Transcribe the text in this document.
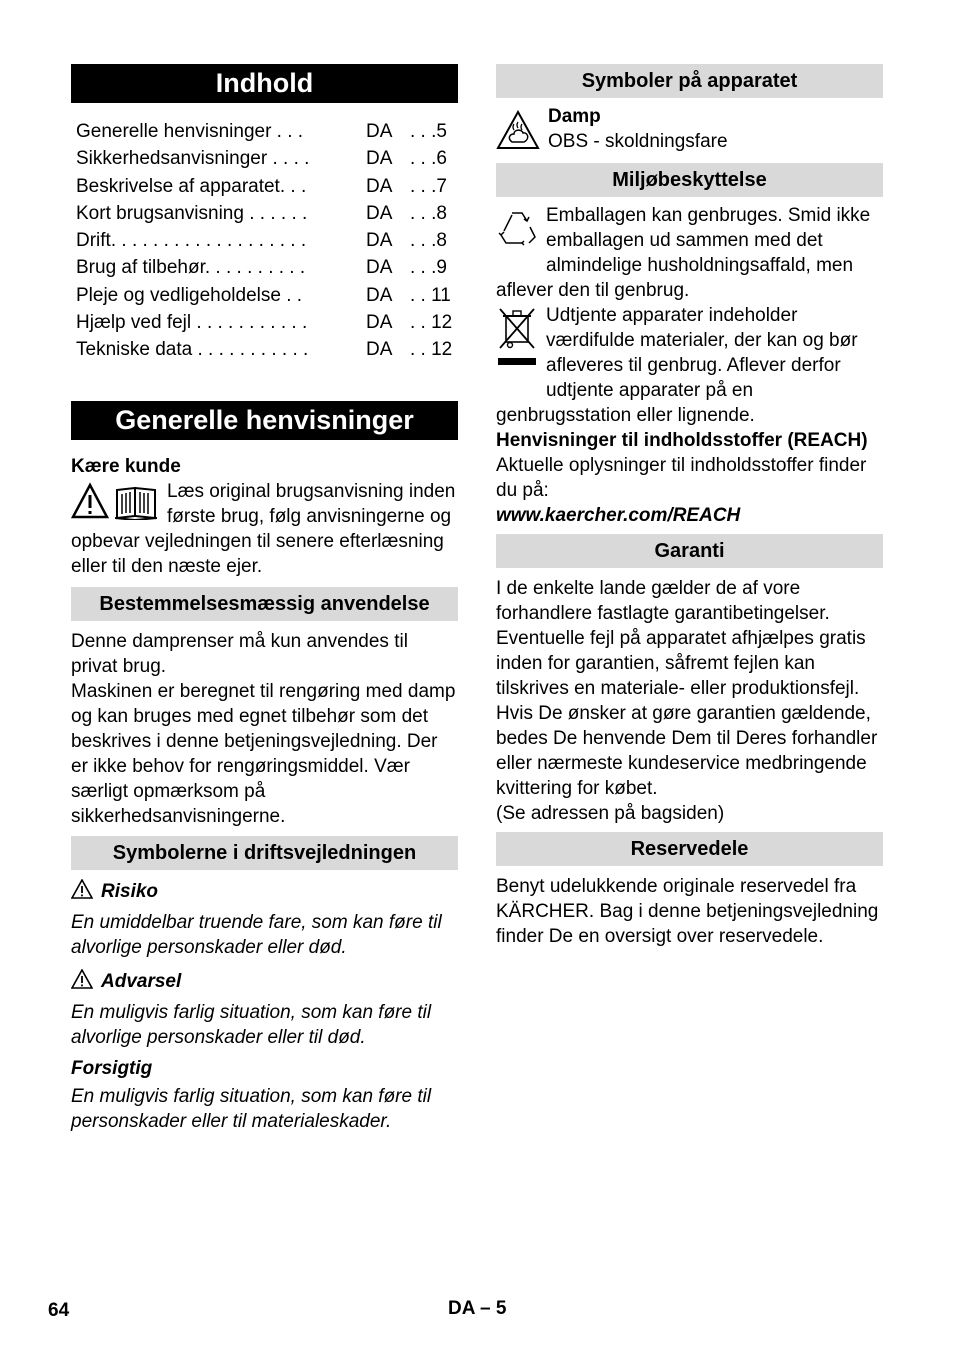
Indhold
Generelle henvisninger . . .	DA . . .5
Sikkerhedsanvisninger . . . .	DA . . .6
Beskrivelse af apparatet. . .	DA . . .7
Kort brugsanvisning . . . . . .	DA . . .8
Drift. . . . . . . . . . . . . . . . . . .	DA . . .8
Brug af tilbehør. . . . . . . . . .	DA . . .9
Pleje og vedligeholdelse . .	DA . . 11
Hjælp ved fejl . . . . . . . . . . .	DA . . 12
Tekniske data . . . . . . . . . . .	DA . . 12
Generelle henvisninger

Kære kunde

Læs original brugsanvisning inden første brug, følg anvisningerne og opbevar vejledningen til senere efterlæsning eller til den næste ejer.

Bestemmelsesmæssig anvendelse

Denne damprenser må kun anvendes til privat brug.

Maskinen er beregnet til rengøring med damp og kan bruges med egnet tilbehør som det beskrives i denne betjeningsvejledning. Der er ikke behov for rengøringsmiddel. Vær særligt opmærksom på sikkerhedsanvisningerne.

Symbolerne i driftsvejledningen

Risiko

En umiddelbar truende fare, som kan føre til alvorlige personskader eller død.

Advarsel

En muligvis farlig situation, som kan føre til alvorlige personskader eller til død.

Forsigtig

En muligvis farlig situation, som kan føre til personskader eller til materialeskader.

Symboler på apparatet

Damp

OBS - skoldningsfare

Miljøbeskyttelse

Emballagen kan genbruges. Smid ikke emballagen ud sammen med det almindelige husholdningsaffald, men aflever den til genbrug.

Udtjente apparater indeholder værdifulde materialer, der kan og bør afleveres til genbrug. Aflever derfor udtjente apparater på en genbrugsstation eller lignende.

Henvisninger til indholdsstoffer (REACH)

Aktuelle oplysninger til indholdsstoffer finder du på:

www.kaercher.com/REACH

Garanti

I de enkelte lande gælder de af vore forhandlere fastlagte garantibetingelser. Eventuelle fejl på apparatet afhjælpes gratis inden for garantien, såfremt fejlen kan tilskrives en materiale- eller produktionsfejl. Hvis De ønsker at gøre garantien gældende, bedes De henvende Dem til Deres forhandler eller nærmeste kundeservice medbringende kvittering for købet.

(Se adressen på bagsiden)

Reservedele

Benyt udelukkende originale reservedel fra KÄRCHER. Bag i denne betjeningsvejledning finder De en oversigt over reservedele.

64	DA – 5
